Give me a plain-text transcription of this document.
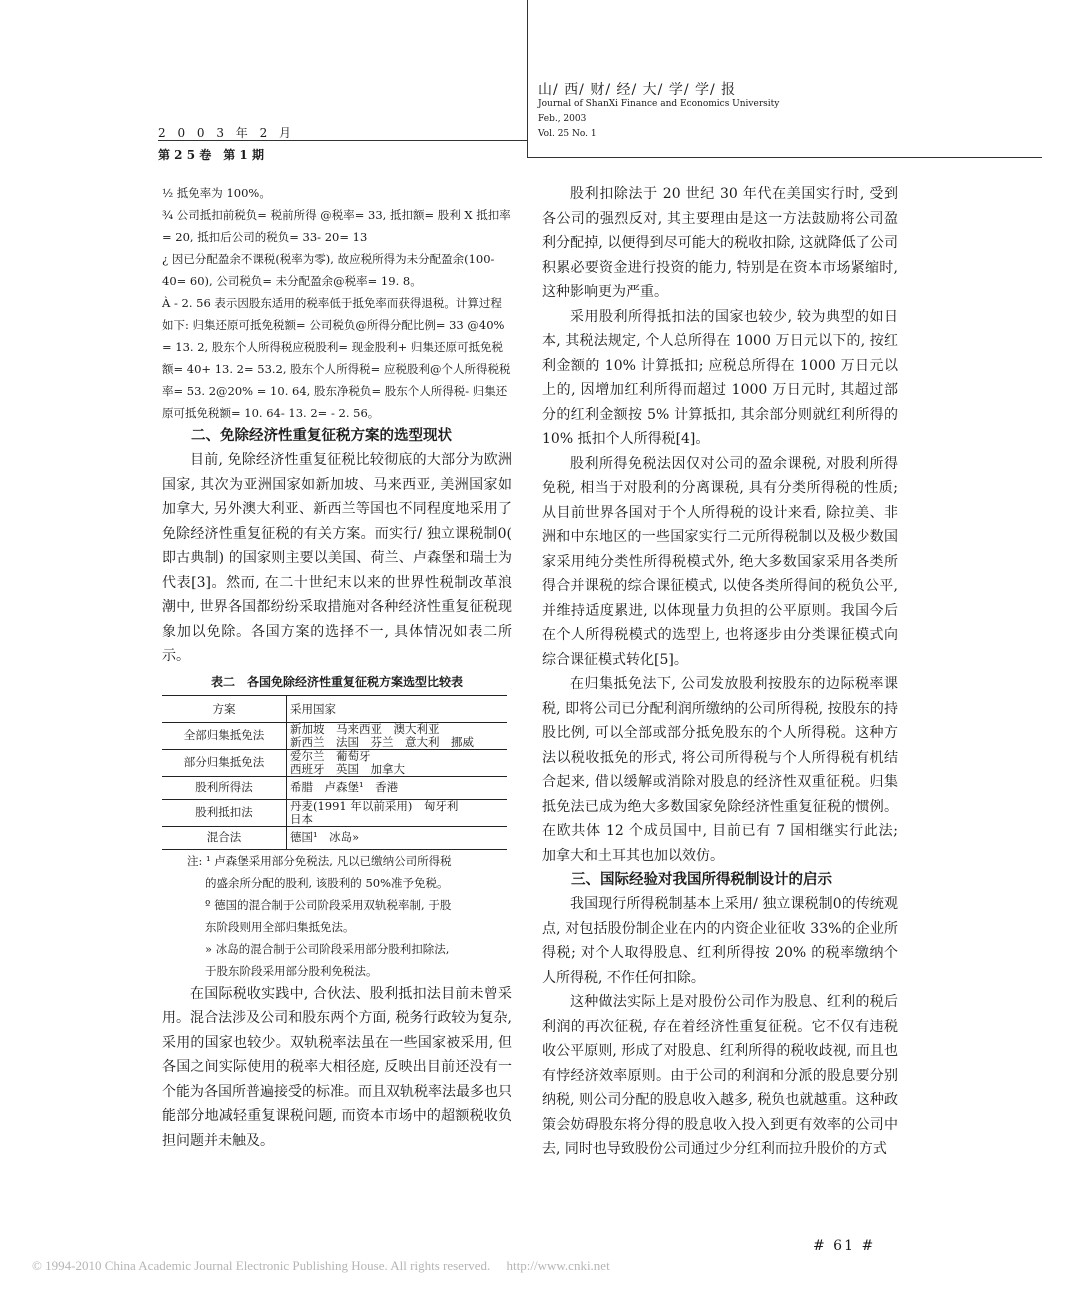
山/ 西/ 财/ 经/ 大/ 学/ 学/ 报
Journal of ShanXi Finance and Economics University
Feb., 2003
Vol. 25 No. 1
2 0 0 3 年 2 月
第 2 5 卷　第 1 期

½ 抵免率为 100%。

¾ 公司抵扣前税负= 税前所得 @税率= 33, 抵扣额= 股利 X 抵扣率= 20, 抵扣后公司的税负= 33- 20= 13

¿ 因已分配盈余不课税(税率为零), 故应税所得为未分配盈余(100- 40= 60), 公司税负= 未分配盈余@税率= 19. 8。

À - 2. 56 表示因股东适用的税率低于抵免率而获得退税。计算过程如下: 归集还原可抵免税额= 公司税负@所得分配比例= 33 @40% = 13. 2, 股东个人所得税应税股利= 现金股利+ 归集还原可抵免税额= 40+ 13. 2= 53.2, 股东个人所得税= 应税股利@个人所得税税率= 53. 2@20% = 10. 64, 股东净税负= 股东个人所得税- 归集还原可抵免税额= 10. 64- 13. 2= - 2. 56。

二、免除经济性重复征税方案的选型现状

目前, 免除经济性重复征税比较彻底的大部分为欧洲国家, 其次为亚洲国家如新加坡、马来西亚, 美洲国家如加拿大, 另外澳大利亚、新西兰等国也不同程度地采用了免除经济性重复征税的有关方案。而实行/ 独立课税制0( 即古典制) 的国家则主要以美国、荷兰、卢森堡和瑞士为代表[3]。然而, 在二十世纪末以来的世界性税制改革浪潮中, 世界各国都纷纷采取措施对各种经济性重复征税现象加以免除。各国方案的选择不一, 具体情况如表二所示。

表二　各国免除经济性重复征税方案选型比较表

方案	采用国家
全部归集抵免法	新加坡　马来西亚　澳大利亚
新西兰　法国　芬兰　意大利　挪威

部分归集抵免法	爱尔兰　葡萄牙
西班牙　英国　加拿大

股利所得法	希腊　卢森堡¹　香港

股利抵扣法	丹麦(1991 年以前采用)　匈牙利
日本

混合法	德国¹　冰岛»

注: ¹ 卢森堡采用部分免税法, 凡以已缴纳公司所得税

的盛余所分配的股利, 该股利的 50%准予免税。

º 德国的混合制于公司阶段采用双轨税率制, 于股

东阶段则用全部归集抵免法。

» 冰岛的混合制于公司阶段采用部分股利扣除法,

于股东阶段采用部分股利免税法。

在国际税收实践中, 合伙法、股利抵扣法目前未曾采用。混合法涉及公司和股东两个方面, 税务行政较为复杂, 采用的国家也较少。双轨税率法虽在一些国家被采用, 但各国之间实际使用的税率大相径庭, 反映出目前还没有一个能为各国所普遍接受的标准。而且双轨税率法最多也只能部分地减轻重复课税问题, 而资本市场中的超额税收负担问题并未触及。

股利扣除法于 20 世纪 30 年代在美国实行时, 受到各公司的强烈反对, 其主要理由是这一方法鼓励将公司盈利分配掉, 以便得到尽可能大的税收扣除, 这就降低了公司积累必要资金进行投资的能力, 特别是在资本市场紧缩时, 这种影响更为严重。

采用股利所得抵扣法的国家也较少, 较为典型的如日本, 其税法规定, 个人总所得在 1000 万日元以下的, 按红利金额的 10% 计算抵扣; 应税总所得在 1000 万日元以上的, 因增加红利所得而超过 1000 万日元时, 其超过部分的红利金额按 5% 计算抵扣, 其余部分则就红利所得的 10% 抵扣个人所得税[4]。

股利所得免税法因仅对公司的盈余课税, 对股利所得免税, 相当于对股利的分离课税, 具有分类所得税的性质; 从目前世界各国对于个人所得税的设计来看, 除拉美、非洲和中东地区的一些国家实行二元所得税制以及极少数国家采用纯分类性所得税模式外, 绝大多数国家采用各类所得合并课税的综合课征模式, 以使各类所得间的税负公平, 并维持适度累进, 以体现量力负担的公平原则。我国今后在个人所得税模式的选型上, 也将逐步由分类课征模式向综合课征模式转化[5]。

在归集抵免法下, 公司发放股利按股东的边际税率课税, 即将公司已分配利润所缴纳的公司所得税, 按股东的持股比例, 可以全部或部分抵免股东的个人所得税。这种方法以税收抵免的形式, 将公司所得税与个人所得税有机结合起来, 借以缓解或消除对股息的经济性双重征税。归集抵免法已成为绝大多数国家免除经济性重复征税的惯例。在欧共体 12 个成员国中, 目前已有 7 国相继实行此法; 加拿大和土耳其也加以效仿。

三、国际经验对我国所得税制设计的启示

我国现行所得税制基本上采用/ 独立课税制0的传统观点, 对包括股份制企业在内的内资企业征收 33%的企业所得税; 对个人取得股息、红利所得按 20% 的税率缴纳个人所得税, 不作任何扣除。

这种做法实际上是对股份公司作为股息、红利的税后利润的再次征税, 存在着经济性重复征税。它不仅有违税收公平原则, 形成了对股息、红利所得的税收歧视, 而且也有悖经济效率原则。由于公司的利润和分派的股息要分别纳税, 则公司分配的股息收入越多, 税负也就越重。这种政策会妨碍股东将分得的股息收入投入到更有效率的公司中去, 同时也导致股份公司通过少分红利而拉升股价的方式

# 61 #
© 1994-2010 China Academic Journal Electronic Publishing House. All rights reserved.　 http://www.cnki.net
